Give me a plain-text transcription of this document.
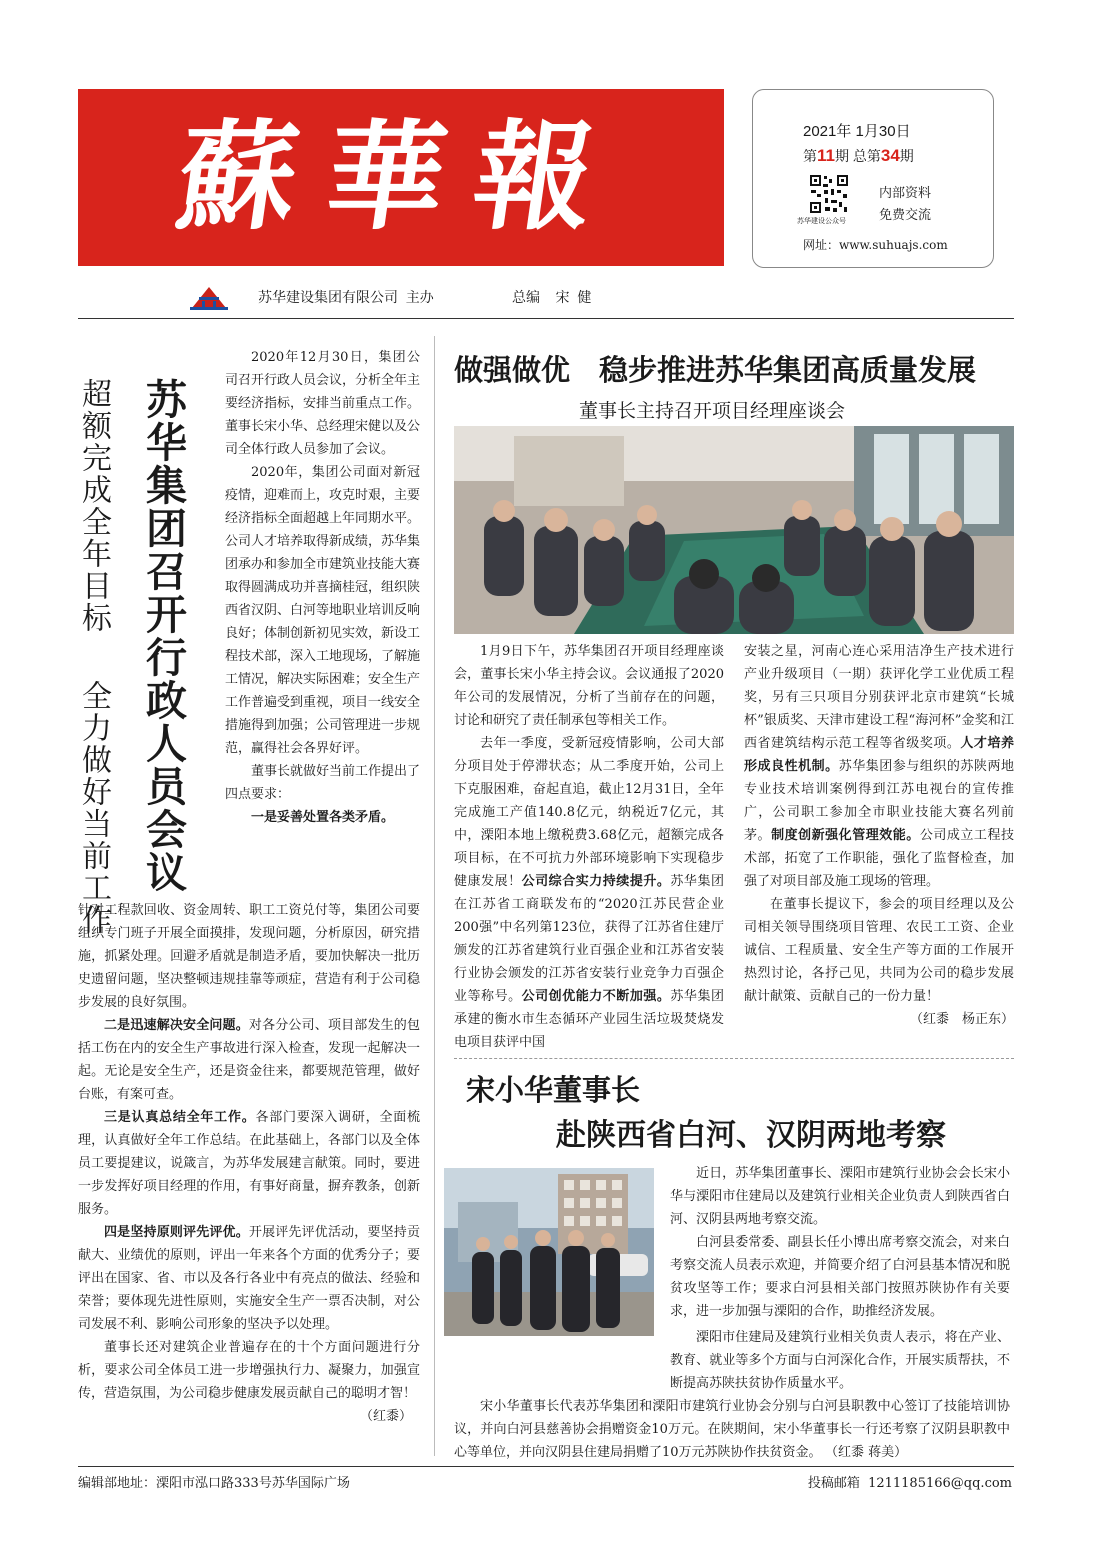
蘇華報	2021年 1月30日
第11期 总第34期
苏华建设公众号
内部资料
免费交流
网址：www.suhuajs.com
苏华建设集团有限公司  主办	总编    宋  健
苏华集团召开行政人员会议
超额完成全年目标    全力做好当前工作

2020年12月30日，集团公司召开行政人员会议，分析全年主要经济指标，安排当前重点工作。董事长宋小华、总经理宋健以及公司全体行政人员参加了会议。

2020年，集团公司面对新冠疫情，迎难而上，攻克时艰，主要经济指标全面超越上年同期水平。公司人才培养取得新成绩，苏华集团承办和参加全市建筑业技能大赛取得圆满成功并喜摘桂冠，组织陕西省汉阴、白河等地职业培训反响良好；体制创新初见实效，新设工程技术部，深入工地现场，了解施工情况，解决实际困难；安全生产工作普遍受到重视，项目一线安全措施得到加强；公司管理进一步规范，赢得社会各界好评。

董事长就做好当前工作提出了四点要求：

一是妥善处置各类矛盾。

针对工程款回收、资金周转、职工工资兑付等，集团公司要组织专门班子开展全面摸排，发现问题，分析原因，研究措施，抓紧处理。回避矛盾就是制造矛盾，要加快解决一批历史遗留问题，坚决整顿违规挂靠等顽症，营造有利于公司稳步发展的良好氛围。

二是迅速解决安全问题。对各分公司、项目部发生的包括工伤在内的安全生产事故进行深入检查，发现一起解决一起。无论是安全生产，还是资金往来，都要规范管理，做好台账，有案可查。

三是认真总结全年工作。各部门要深入调研，全面梳理，认真做好全年工作总结。在此基础上，各部门以及全体员工要提建议，说箴言，为苏华发展建言献策。同时，要进一步发挥好项目经理的作用，有事好商量，摒弃教条，创新服务。

四是坚持原则评先评优。开展评先评优活动，要坚持贡献大、业绩优的原则，评出一年来各个方面的优秀分子；要评出在国家、省、市以及各行各业中有亮点的做法、经验和荣誉；要体现先进性原则，实施安全生产一票否决制，对公司发展不利、影响公司形象的坚决予以处理。

董事长还对建筑企业普遍存在的十个方面问题进行分析，要求公司全体员工进一步增强执行力、凝聚力，加强宣传，营造氛围，为公司稳步健康发展贡献自己的聪明才智！
（红黍）

做强做优　稳步推进苏华集团高质量发展
董事长主持召开项目经理座谈会

1月9日下午，苏华集团召开项目经理座谈会，董事长宋小华主持会议。会议通报了2020年公司的发展情况，分析了当前存在的问题，讨论和研究了责任制承包等相关工作。

去年一季度，受新冠疫情影响，公司大部分项目处于停滞状态；从二季度开始，公司上下克服困难，奋起直追，截止12月31日，全年完成施工产值140.8亿元，纳税近7亿元，其中，溧阳本地上缴税费3.68亿元，超额完成各项目标，在不可抗力外部环境影响下实现稳步健康发展！公司综合实力持续提升。苏华集团在江苏省工商联发布的“2020江苏民营企业200强”中名列第123位，获得了江苏省住建厅颁发的江苏省建筑行业百强企业和江苏省安装行业协会颁发的江苏省安装行业竞争力百强企业等称号。公司创优能力不断加强。苏华集团承建的衡水市生态循环产业园生活垃圾焚烧发电项目获评中国

安装之星，河南心连心采用洁净生产技术进行产业升级项目（一期）获评化学工业优质工程奖，另有三只项目分别获评北京市建筑“长城杯”银质奖、天津市建设工程“海河杯”金奖和江西省建筑结构示范工程等省级奖项。人才培养形成良性机制。苏华集团参与组织的苏陕两地专业技术培训案例得到江苏电视台的宣传推广，公司职工参加全市职业技能大赛名列前茅。制度创新强化管理效能。公司成立工程技术部，拓宽了工作职能，强化了监督检查，加强了对项目部及施工现场的管理。

在董事长提议下，参会的项目经理以及公司相关领导围绕项目管理、农民工工资、企业诚信、工程质量、安全生产等方面的工作展开热烈讨论，各抒己见，共同为公司的稳步发展献计献策、贡献自己的一份力量！

（红黍　杨正东）

宋小华董事长
赴陕西省白河、汉阴两地考察

近日，苏华集团董事长、溧阳市建筑行业协会会长宋小华与溧阳市住建局以及建筑行业相关企业负责人到陕西省白河、汉阴县两地考察交流。

白河县委常委、副县长任小博出席考察交流会，对来白考察交流人员表示欢迎，并简要介绍了白河县基本情况和脱贫攻坚等工作；要求白河县相关部门按照苏陕协作有关要求，进一步加强与溧阳的合作，助推经济发展。

溧阳市住建局及建筑行业相关负责人表示，将在产业、教育、就业等多个方面与白河深化合作，开展实质帮扶，不断提高苏陕扶贫协作质量水平。

宋小华董事长代表苏华集团和溧阳市建筑行业协会分别与白河县职教中心签订了技能培训协议，并向白河县慈善协会捐赠资金10万元。在陕期间，宋小华董事长一行还考察了汉阴县职教中心等单位，并向汉阴县住建局捐赠了10万元苏陕协作扶贫资金。 （红黍 蒋美）

编辑部地址：溧阳市泓口路333号苏华国际广场	投稿邮箱  1211185166@qq.com
